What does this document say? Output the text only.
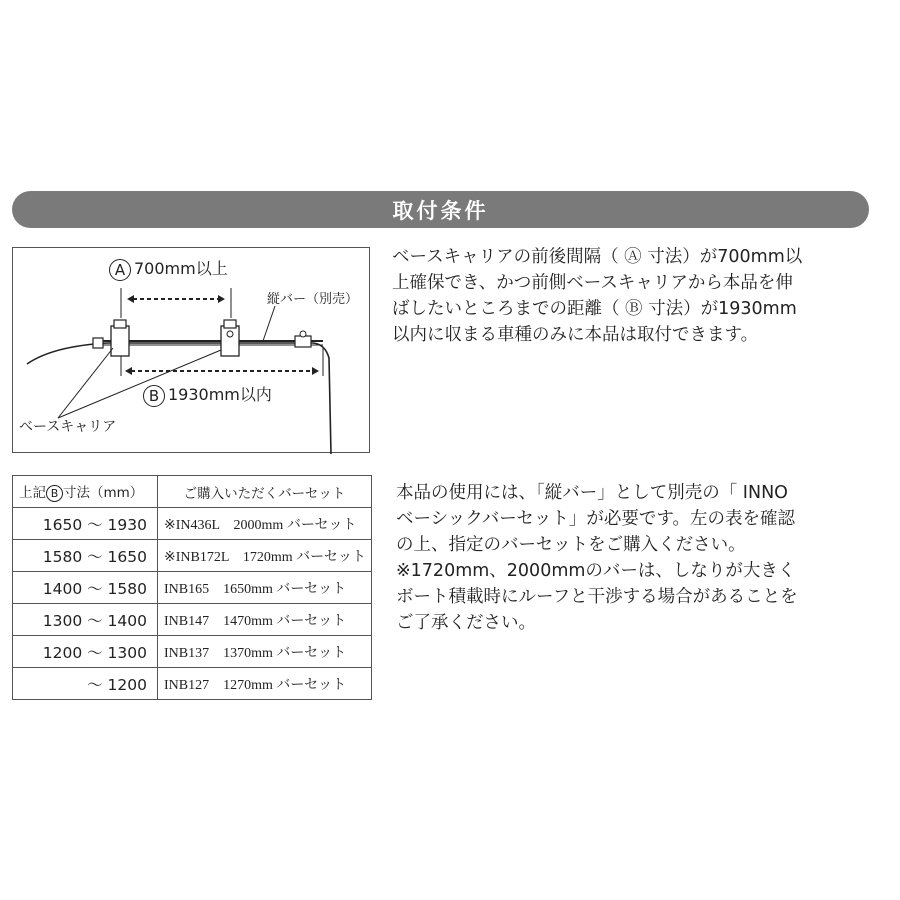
取付条件
A 700mm以上
B 1930mm以内
縦バー（別売）
ベースキャリア

ベースキャリアの前後間隔（ Ⓐ 寸法）が700mm以

上確保でき、かつ前側ベースキャリアから本品を伸

ばしたいところまでの距離（ Ⓑ 寸法）が1930mm

以内に収まる車種のみに本品は取付できます。

上記 B 寸法（mm）	ご購入いただくバーセット
1650 ～ 1930	※IN436L　2000mm バーセット
1580 ～ 1650	※INB172L　1720mm バーセット
1400 ～ 1580	INB165　1650mm バーセット
1300 ～ 1400	INB147　1470mm バーセット
1200 ～ 1300	INB137　1370mm バーセット
～ 1200	INB127　1270mm バーセット

本品の使用には、「縦バー」として別売の「 INNO

ベーシックバーセット」が必要です。左の表を確認

の上、指定のバーセットをご購入ください。

※1720mm、2000mmのバーは、しなりが大きく

ボート積載時にルーフと干渉する場合があることを

ご了承ください。
